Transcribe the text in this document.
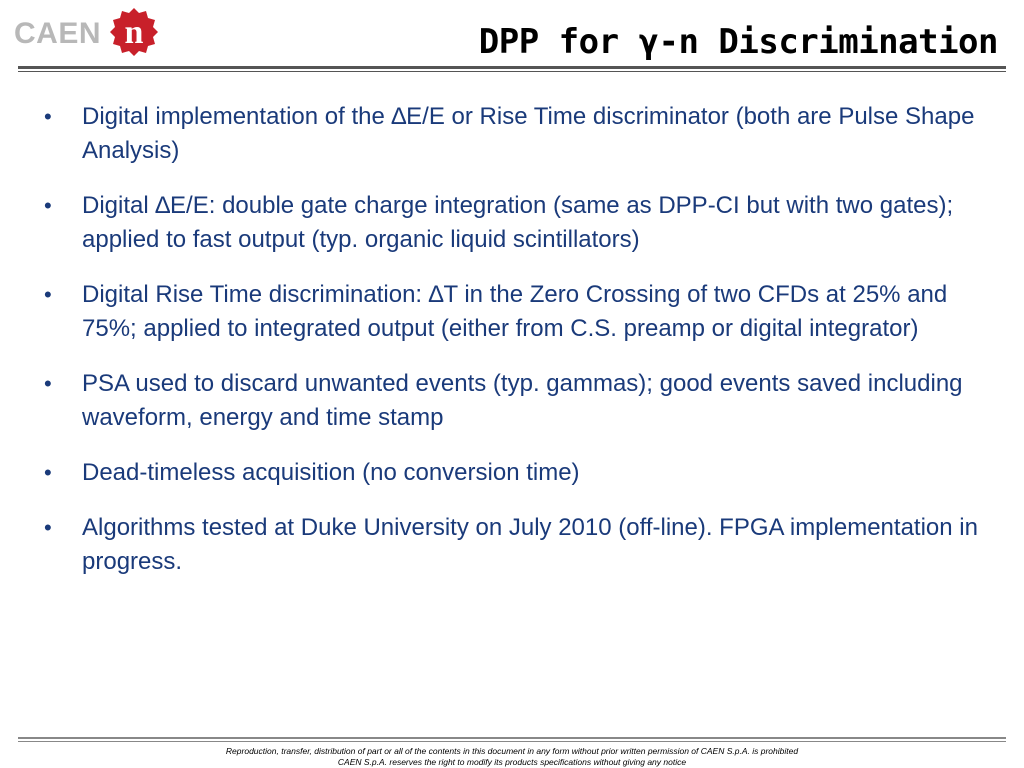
CAEN n	DPP for γ-n Discrimination
• Digital implementation of the ∆E/E or Rise Time discriminator (both are Pulse Shape Analysis)
• Digital ∆E/E: double gate charge integration (same as DPP-CI but with two gates); applied to fast output (typ. organic liquid scintillators)
• Digital Rise Time discrimination: ∆T in the Zero Crossing of two CFDs at 25% and 75%; applied to integrated output (either from C.S. preamp or digital integrator)
• PSA used to discard unwanted events (typ. gammas); good events saved including waveform, energy and time stamp
• Dead-timeless acquisition (no conversion time)
• Algorithms tested at Duke University on July 2010 (off-line). FPGA implementation in progress.
Reproduction, transfer, distribution of part or all of the contents in this document in any form without prior written permission of CAEN S.p.A. is prohibited
CAEN S.p.A. reserves the right to modify its products specifications without giving any notice
